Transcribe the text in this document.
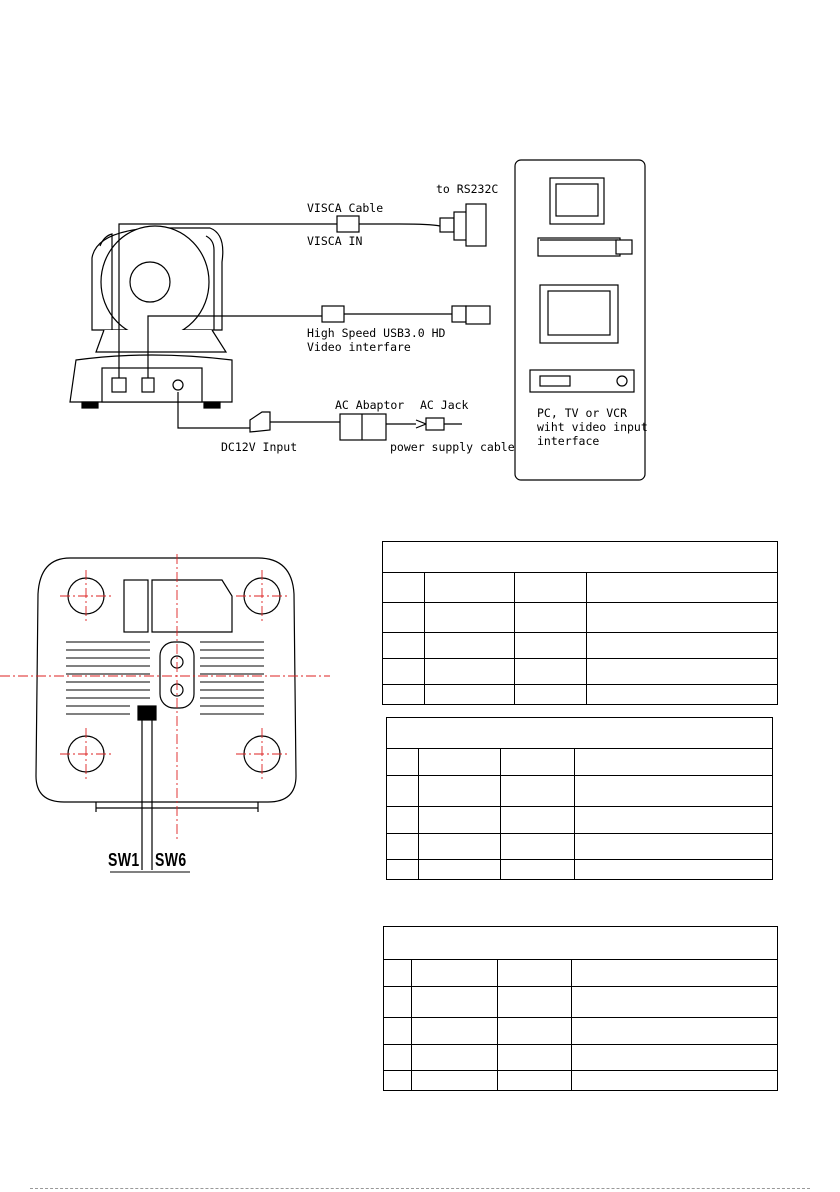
to RS232C
VISCA Cable
VISCA IN
High Speed USB3.0 HD
Video interfare
AC Abaptor AC Jack
DC12V Input	power supply cable
PC, TV or VCR
wiht video input
interface
SW1 SW6
